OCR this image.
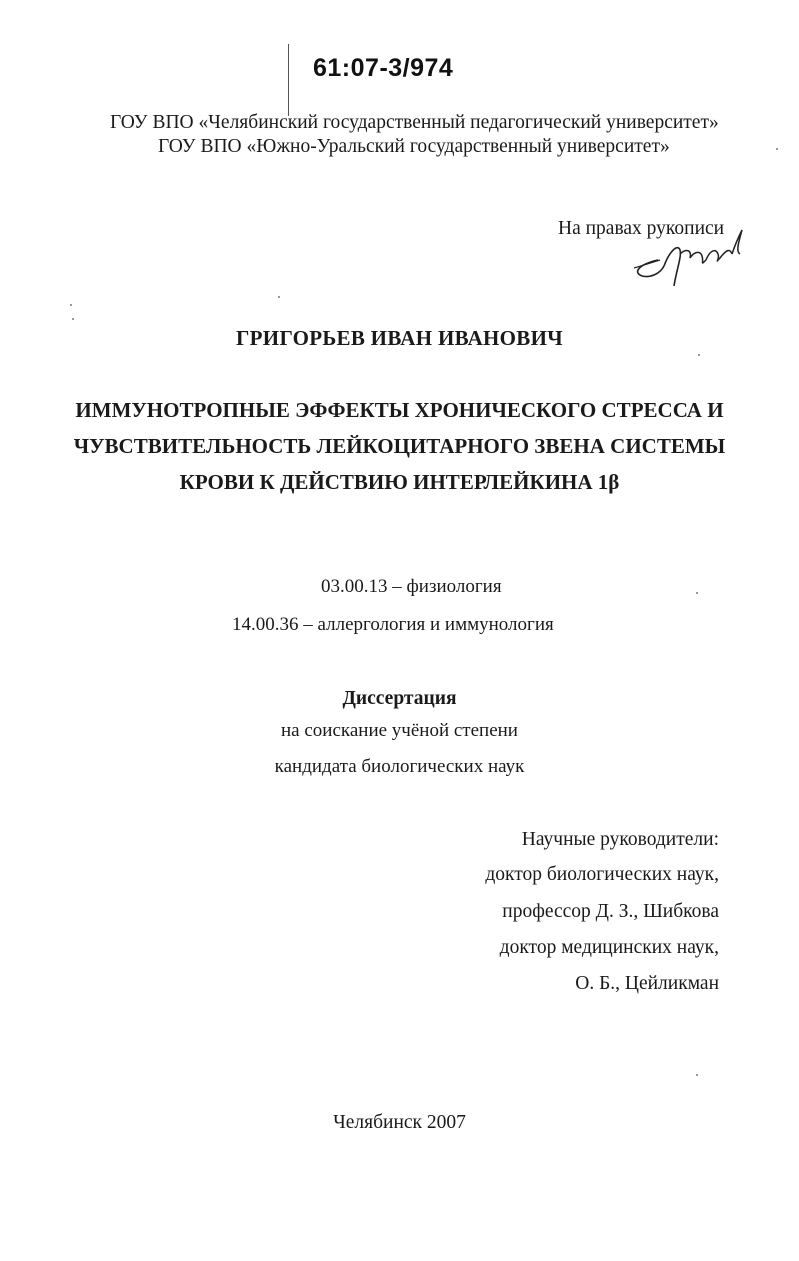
61:07-3/974
ГОУ ВПО «Челябинский государственный педагогический университет»
ГОУ ВПО «Южно-Уральский государственный университет»
На правах рукописи
ГРИГОРЬЕВ ИВАН ИВАНОВИЧ
ИММУНОТРОПНЫЕ ЭФФЕКТЫ ХРОНИЧЕСКОГО СТРЕССА И
ЧУВСТВИТЕЛЬНОСТЬ ЛЕЙКОЦИТАРНОГО ЗВЕНА СИСТЕМЫ
КРОВИ К ДЕЙСТВИЮ ИНТЕРЛЕЙКИНА 1β
03.00.13 – физиология
14.00.36 – аллергология и иммунология
Диссертация
на соискание учёной степени
кандидата биологических наук
Научные руководители:
доктор биологических наук,
профессор Д. З., Шибкова
доктор медицинских наук,
О. Б., Цейликман
Челябинск 2007
